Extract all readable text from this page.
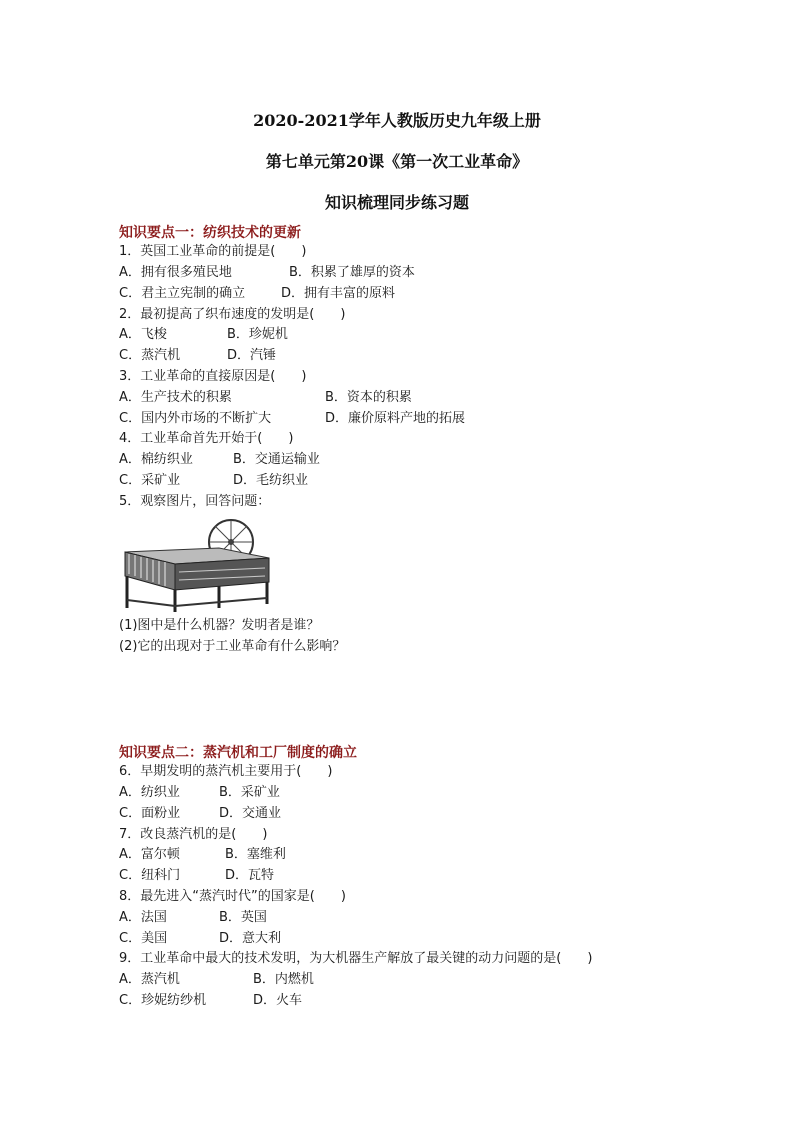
2020-2021学年人教版历史九年级上册
第七单元第20课《第一次工业革命》
知识梳理同步练习题
知识要点一：纺织技术的更新
1．英国工业革命的前提是(　　)
A．拥有很多殖民地	B．积累了雄厚的资本
C．君主立宪制的确立	D．拥有丰富的原料
2．最初提高了织布速度的发明是(　　)
A．飞梭	B．珍妮机
C．蒸汽机	D．汽锤
3．工业革命的直接原因是(　　)
A．生产技术的积累	B．资本的积累
C．国内外市场的不断扩大	D．廉价原料产地的拓展
4．工业革命首先开始于(　　)
A．棉纺织业	B．交通运输业
C．采矿业	D．毛纺织业
5．观察图片，回答问题：
(1)图中是什么机器？发明者是谁？
(2)它的出现对于工业革命有什么影响？
知识要点二：蒸汽机和工厂制度的确立
6．早期发明的蒸汽机主要用于(　　)
A．纺织业	B．采矿业
C．面粉业	D．交通业
7．改良蒸汽机的是(　　)
A．富尔顿	B．塞维利
C．纽科门	D．瓦特
8．最先进入“蒸汽时代”的国家是(　　)
A．法国	B．英国
C．美国	D．意大利
9．工业革命中最大的技术发明，为大机器生产解放了最关键的动力问题的是(　　)
A．蒸汽机	B．内燃机
C．珍妮纺纱机	D．火车
